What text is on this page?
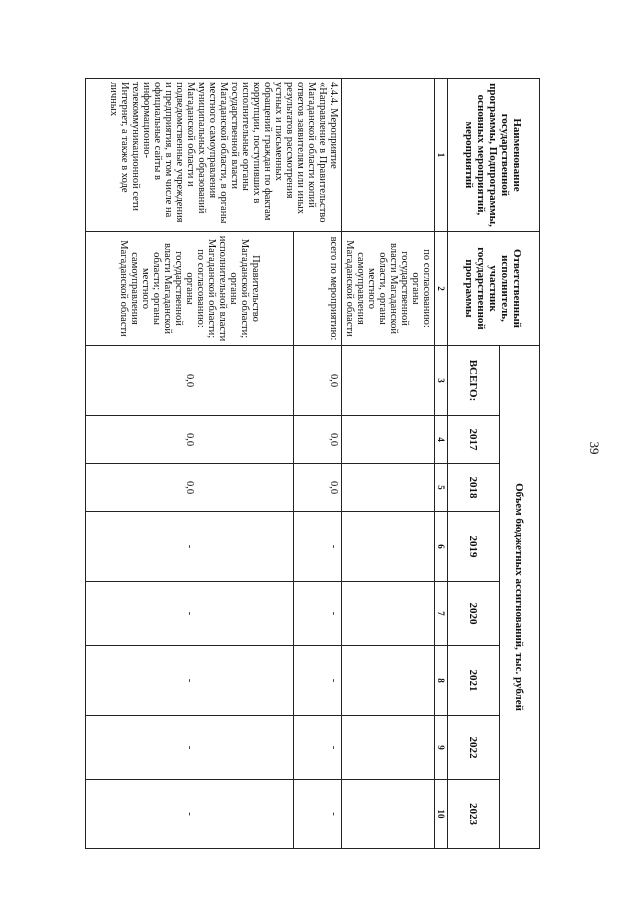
39
Наименование государственной программы, Подпрограммы, основных мероприятий, мероприятий	Ответственный исполнитель, участник государственной программы	Объем бюджетных ассигнований, тыс. рублей							
		ВСЕГО:	2017	2018	2019	2020	2021	2022	2023
1	2	3	4	5	6	7	8	9	10
	по согласованию: органы государственной власти Магаданской области, органы местного самоуправления Магаданской области								
4.4.4. Мероприятие «Направление в Правительство Магаданской области копий ответов заявителям или иных результатов рассмотрения устных и письменных обращений граждан по фактам коррупции, поступивших в исполнительные органы государственной власти Магаданской области, в органы местного самоуправления муниципальных образований Магаданской области и подведомственные учреждения и предприятия, в том числе на официальные сайты в информационно-телекоммуникационной сети Интернет, а также в ходе личных	всего по мероприятию:	0,0	0,0	0,0	-	-	-	-	-
	Правительство Магаданской области; органы исполнительной власти Магаданской области; по согласованию: органы государственной власти Магаданской области; органы местного самоуправления Магаданской области	0,0	0,0	0,0	-	-	-	-	-
